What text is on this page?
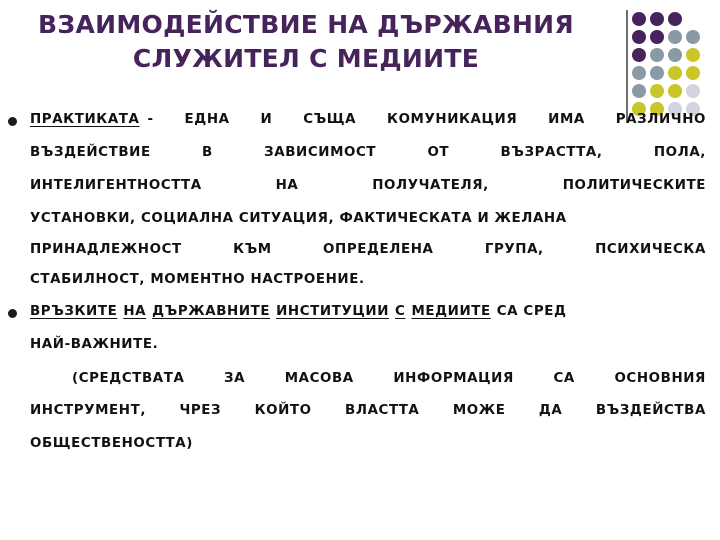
ВЗАИМОДЕЙСТВИЕ НА ДЪРЖАВНИЯ
СЛУЖИТЕЛ С МЕДИИТЕ
ПРАКТИКАТА - ЕДНА И СЪЩА КОМУНИКАЦИЯ ИМА РАЗЛИЧНО
ВЪЗДЕЙСТВИЕ	В	ЗАВИСИМОСТ	ОТ	ВЪЗРАСТТА,	ПОЛА,
ИНТЕЛИГЕНТНОСТТА	НА	ПОЛУЧАТЕЛЯ,	ПОЛИТИЧЕСКИТЕ
УСТАНОВКИ, СОЦИАЛНА СИТУАЦИЯ, ФАКТИЧЕСКАТА И ЖЕЛАНА
ПРИНАДЛЕЖНОСТ	КЪМ	ОПРЕДЕЛЕНА	ГРУПА,	ПСИХИЧЕСКА
СТАБИЛНОСТ, МОМЕНТНО НАСТРОЕНИЕ.
ВРЪЗКИТЕ НА ДЪРЖАВНИТЕ ИНСТИТУЦИИ С МЕДИИТЕ СА СРЕД
НАЙ-ВАЖНИТЕ.
(СРЕДСТВАТА	ЗА	МАСОВА	ИНФОРМАЦИЯ	СА	ОСНОВНИЯ
ИНСТРУМЕНТ, ЧРЕЗ КОЙТО ВЛАСТТА МОЖЕ ДА ВЪЗДЕЙСТВА
ОБЩЕСТВЕНОСТТА)
